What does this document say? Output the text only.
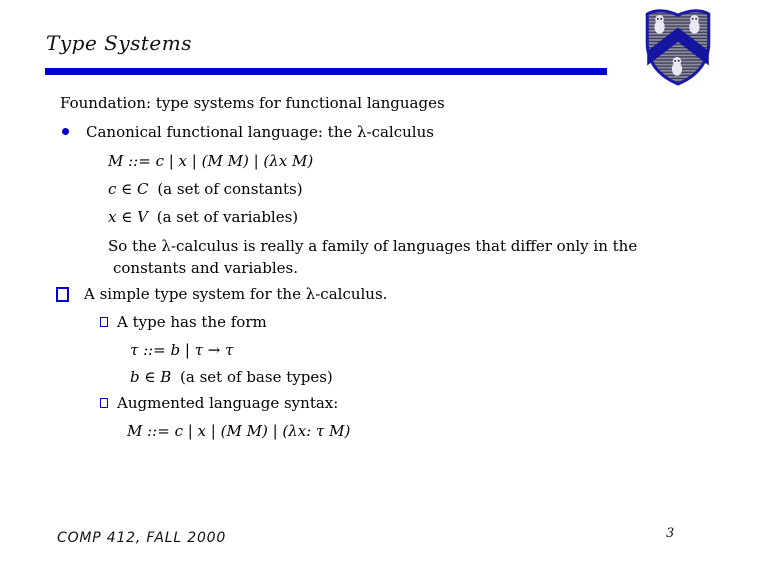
Type Systems
Foundation: type systems for functional languages
Canonical functional language: the λ-calculus
M ::= c | x | (M M) | (λx M)
c ∈ C (a set of constants)
x ∈ V (a set of variables)
So the λ-calculus is really a family of languages that differ only in the
constants and variables.
A simple type system for the λ-calculus.
A type has the form
τ ::= b | τ → τ
b ∈ B (a set of base types)
Augmented language syntax:
M ::= c | x | (M M) | (λx: τ M)
COMP 412, FALL 2000	3
